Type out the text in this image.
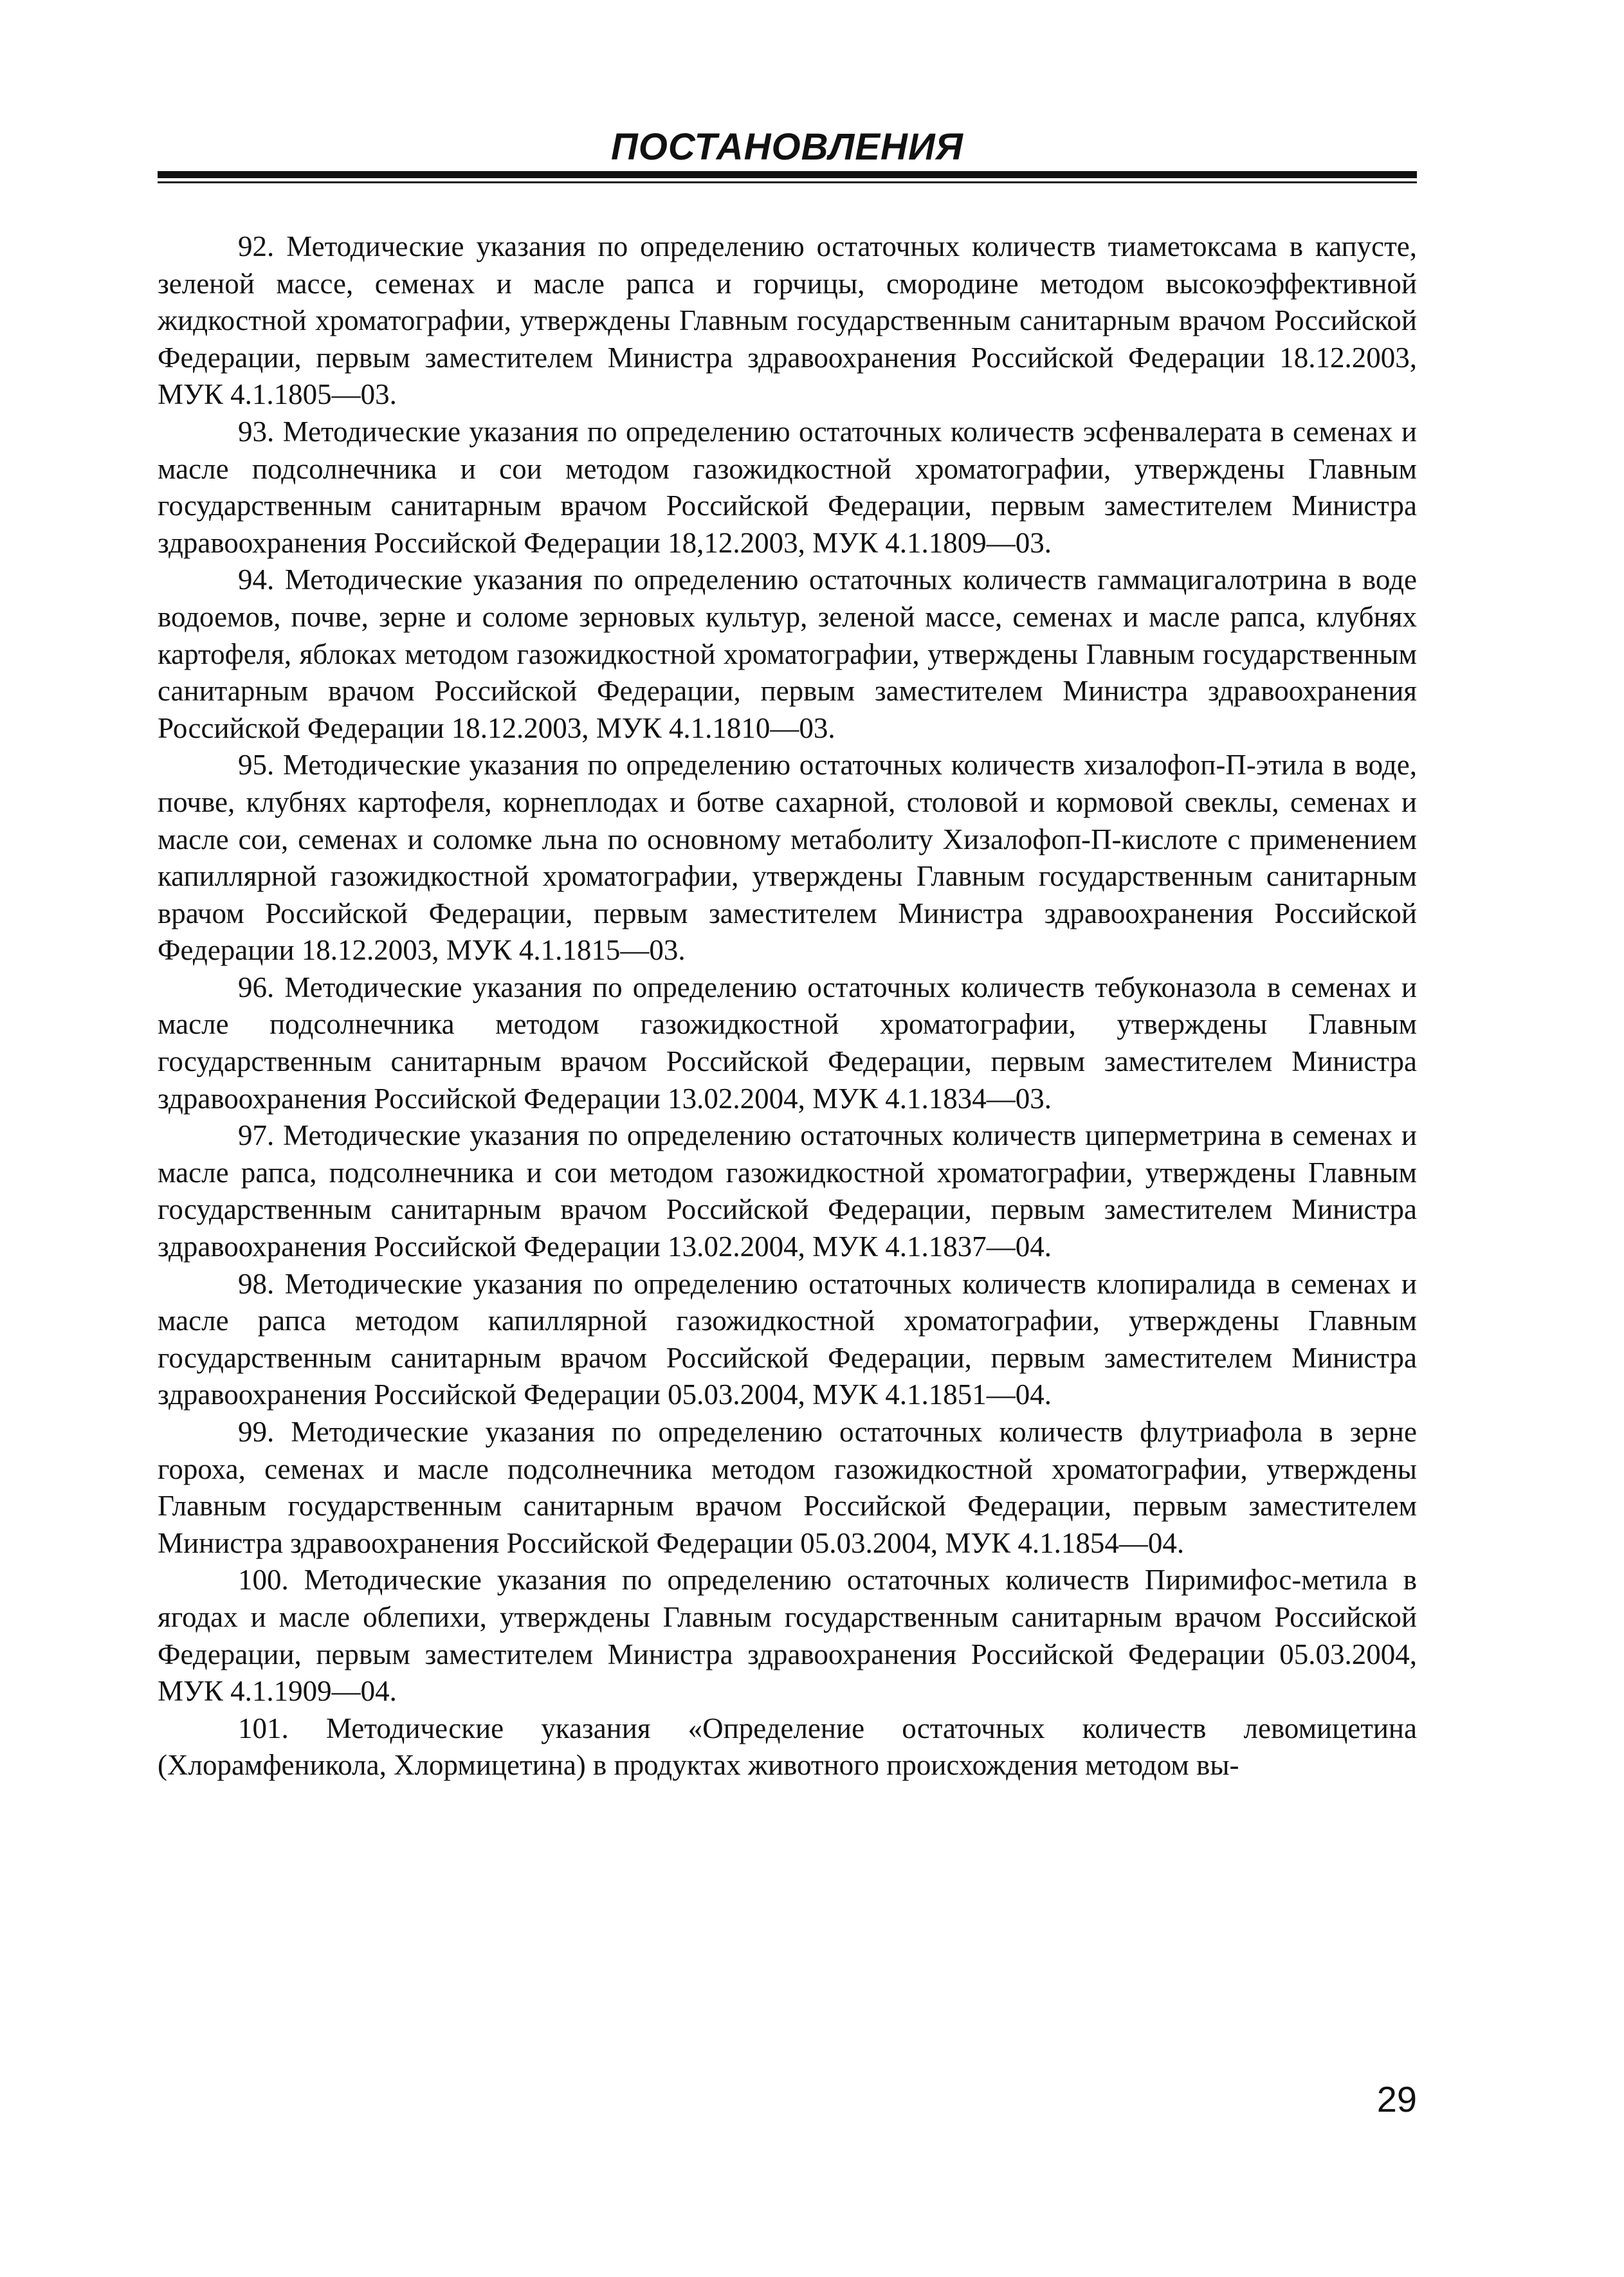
ПОСТАНОВЛЕНИЯ

92. Методические указания по определению остаточных количеств тиаметоксама в капусте, зеленой массе, семенах и масле рапса и горчицы, смородине методом высокоэффективной жидкостной хроматографии, утверждены Главным государственным санитарным врачом Российской Федерации, первым заместителем Министра здравоохранения Российской Федерации 18.12.2003, МУК 4.1.1805—03.

93. Методические указания по определению остаточных количеств эсфенвалерата в семенах и масле подсолнечника и сои методом газожидкостной хроматографии, утверждены Главным государственным санитарным врачом Российской Федерации, первым заместителем Министра здравоохранения Российской Федерации 18,12.2003, МУК 4.1.1809—03.

94. Методические указания по определению остаточных количеств гаммацигалотрина в воде водоемов, почве, зерне и соломе зерновых культур, зеленой массе, семенах и масле рапса, клубнях картофеля, яблоках методом газожидкостной хроматографии, утверждены Главным государственным санитарным врачом Российской Федерации, первым заместителем Министра здравоохранения Российской Федерации 18.12.2003, МУК 4.1.1810—03.

95. Методические указания по определению остаточных количеств хизалофоп-П-этила в воде, почве, клубнях картофеля, корнеплодах и ботве сахарной, столовой и кормовой свеклы, семенах и масле сои, семенах и соломке льна по основному метаболиту Хизалофоп-П-кислоте с применением капиллярной газожидкостной хроматографии, утверждены Главным государственным санитарным врачом Российской Федерации, первым заместителем Министра здравоохранения Российской Федерации 18.12.2003, МУК 4.1.1815—03.

96. Методические указания по определению остаточных количеств тебуконазола в семенах и масле подсолнечника методом газожидкостной хроматографии, утверждены Главным государственным санитарным врачом Российской Федерации, первым заместителем Министра здравоохранения Российской Федерации 13.02.2004, МУК 4.1.1834—03.

97. Методические указания по определению остаточных количеств циперметрина в семенах и масле рапса, подсолнечника и сои методом газожидкостной хроматографии, утверждены Главным государственным санитарным врачом Российской Федерации, первым заместителем Министра здравоохранения Российской Федерации 13.02.2004, МУК 4.1.1837—04.

98. Методические указания по определению остаточных количеств клопиралида в семенах и масле рапса методом капиллярной газожидкостной хроматографии, утверждены Главным государственным санитарным врачом Российской Федерации, первым заместителем Министра здравоохранения Российской Федерации 05.03.2004, МУК 4.1.1851—04.

99. Методические указания по определению остаточных количеств флутриафола в зерне гороха, семенах и масле подсолнечника методом газожидкостной хроматографии, утверждены Главным государственным санитарным врачом Российской Федерации, первым заместителем Министра здравоохранения Российской Федерации 05.03.2004, МУК 4.1.1854—04.

100. Методические указания по определению остаточных количеств Пиримифос-метила в ягодах и масле облепихи, утверждены Главным государственным санитарным врачом Российской Федерации, первым заместителем Министра здравоохранения Российской Федерации 05.03.2004, МУК 4.1.1909—04.

101. Методические указания «Определение остаточных количеств левомицетина (Хлорамфеникола, Хлормицетина) в продуктах животного происхождения методом вы-

29
